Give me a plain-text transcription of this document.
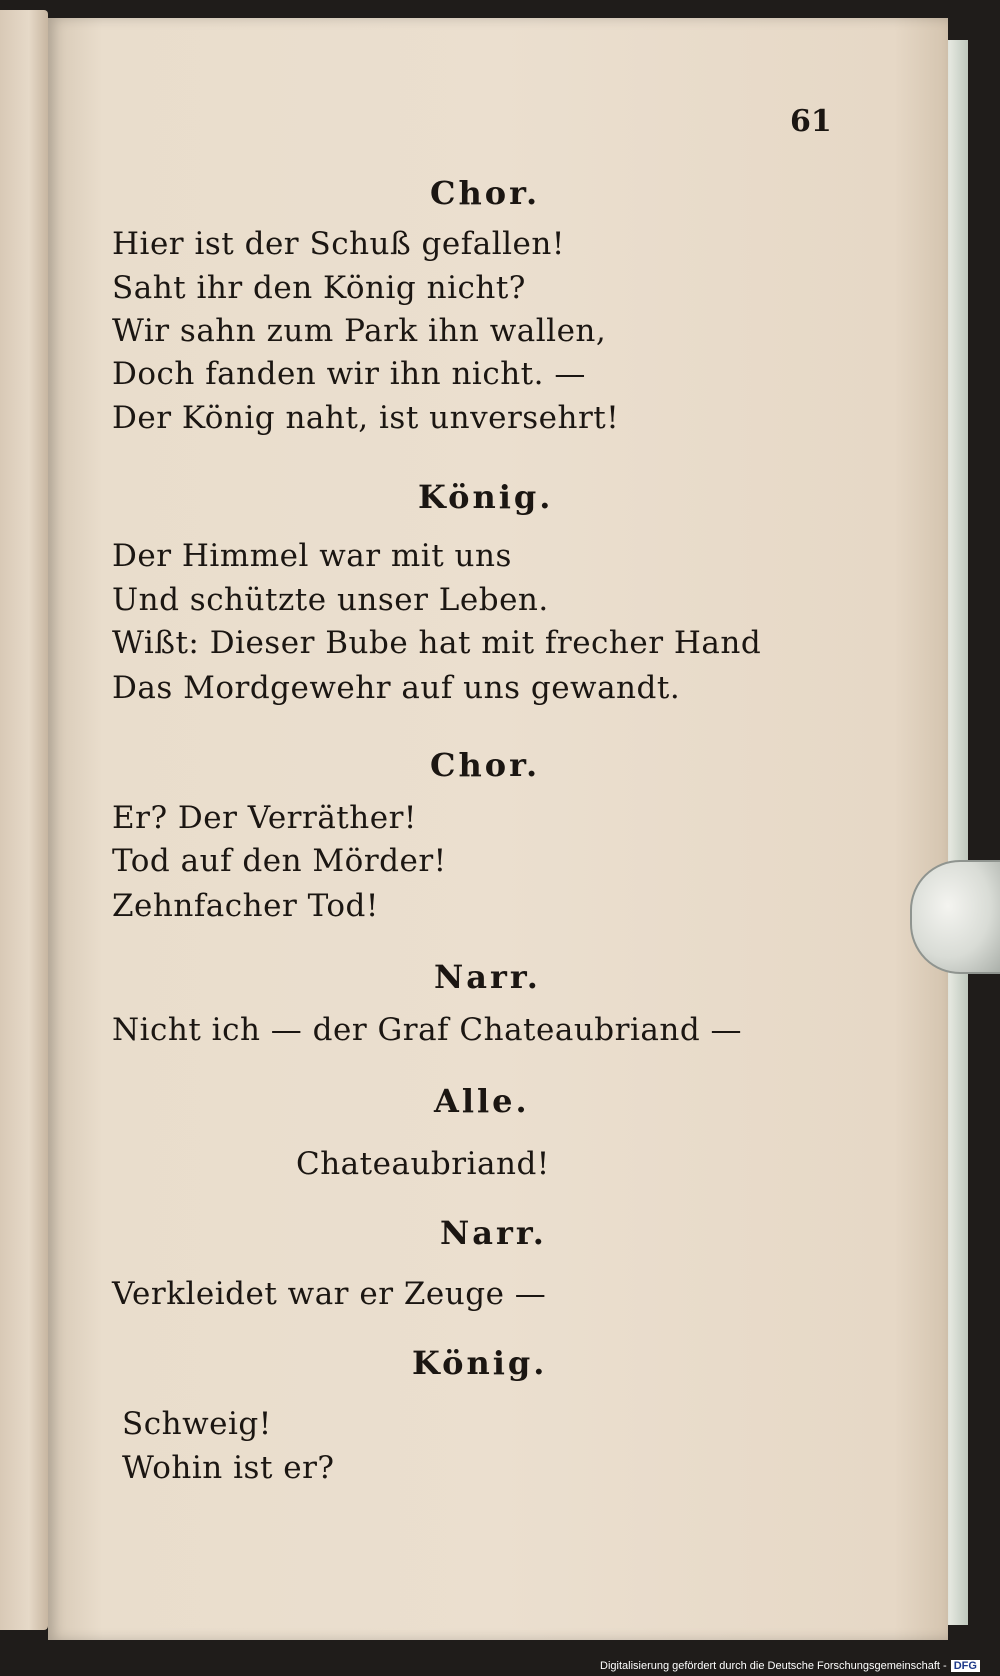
61
Chor.
Hier ist der Schuß gefallen!
Saht ihr den König nicht?
Wir sahn zum Park ihn wallen,
Doch fanden wir ihn nicht. —
Der König naht, ist unversehrt!
König.
Der Himmel war mit uns
Und schützte unser Leben.
Wißt: Dieser Bube hat mit frecher Hand
Das Mordgewehr auf uns gewandt.
Chor.
Er? Der Verräther!
Tod auf den Mörder!
Zehnfacher Tod!
Narr.
Nicht ich — der Graf Chateaubriand —
Alle.
Chateaubriand!
Narr.
Verkleidet war er Zeuge —
König.
Schweig!
Wohin ist er?
Digitalisierung gefördert durch die Deutsche Forschungsgemeinschaft - DFG
